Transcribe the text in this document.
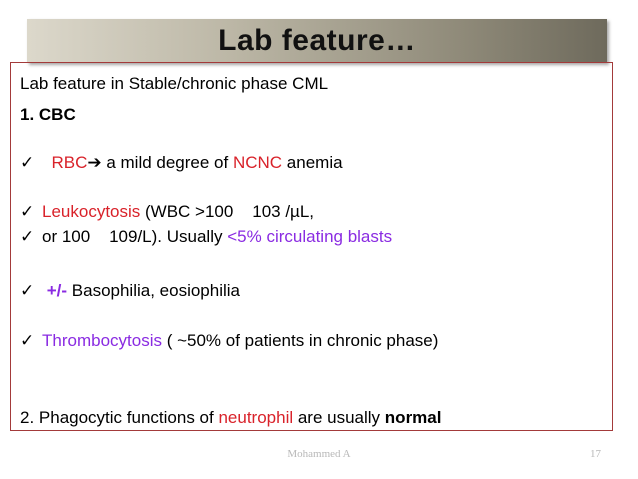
Lab feature…
Lab feature in Stable/chronic phase CML
1. CBC
✓ RBC➔ a mild degree of NCNC anemia
✓ Leukocytosis (WBC >100    103 /µL,
✓ or 100    109/L). Usually <5% circulating blasts
✓ +/- Basophilia, eosiophilia
✓ Thrombocytosis ( ~50% of patients in chronic phase)
2. Phagocytic functions of neutrophil are usually normal
Mohammed A	17
